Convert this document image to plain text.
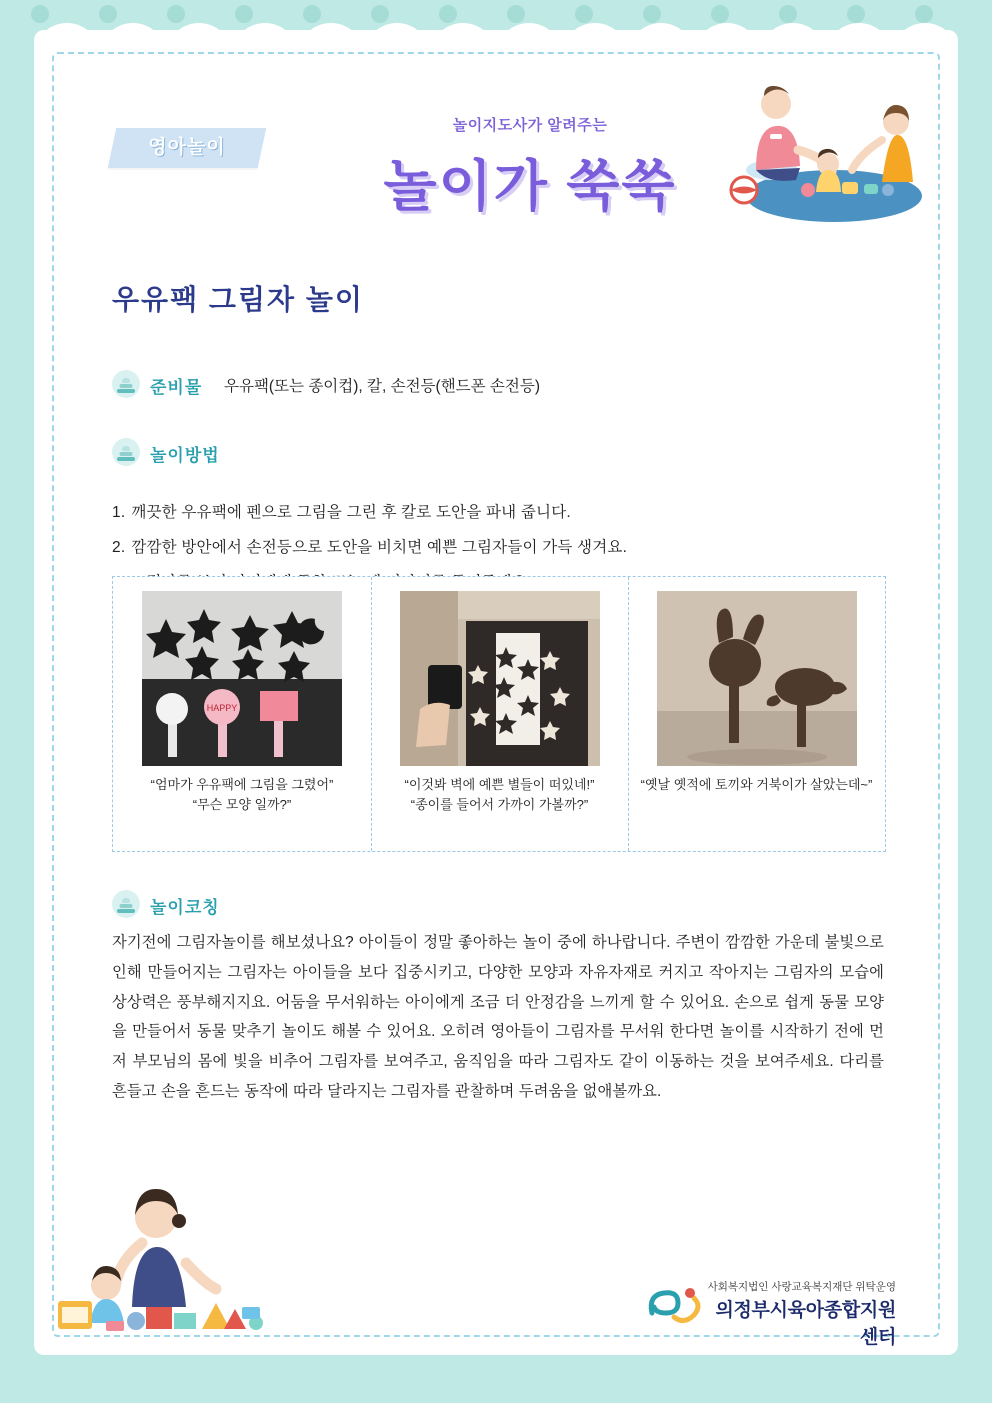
영아놀이
놀이지도사가 알려주는
놀이가 쑥쑥
우유팩 그림자 놀이
준비물 우유팩(또는 종이컵), 칼, 손전등(핸드폰 손전등)
놀이방법
1. 깨끗한 우유팩에 펜으로 그림을 그린 후 칼로 도안을 파내 줍니다.
2. 깜깜한 방안에서 손전등으로 도안을 비치면 예쁜 그림자들이 가득 생겨요.
HAPPY
“엄마가 우유팩에 그림을 그렸어”
“무슨 모양 일까?”
“이것봐 벽에 예쁜 별들이 떠있네!”
“종이를 들어서 가까이 가볼까?”
“옛날 옛적에 토끼와 거북이가 살았는데~”
놀이코칭
자기전에 그림자놀이를 해보셨나요? 아이들이 정말 좋아하는 놀이 중에 하나랍니다. 주변이 깜깜한 가운데 불빛으로 인해 만들어지는 그림자는 아이들을 보다 집중시키고, 다양한 모양과 자유자재로 커지고 작아지는 그림자의 모습에 상상력은 풍부해지지요. 어둠을 무서워하는 아이에게 조금 더 안정감을 느끼게 할 수 있어요. 손으로 쉽게 동물 모양을 만들어서 동물 맞추기 놀이도 해볼 수 있어요. 오히려 영아들이 그림자를 무서워 한다면 놀이를 시작하기 전에 먼저 부모님의 몸에 빛을 비추어 그림자를 보여주고, 움직임을 따라 그림자도 같이 이동하는 것을 보여주세요. 다리를 흔들고 손을 흔드는 동작에 따라 달라지는 그림자를 관찰하며 두려움을 없애볼까요.
사회복지법인 사랑교육복지재단 위탁운영
의정부시육아종합지원센터
